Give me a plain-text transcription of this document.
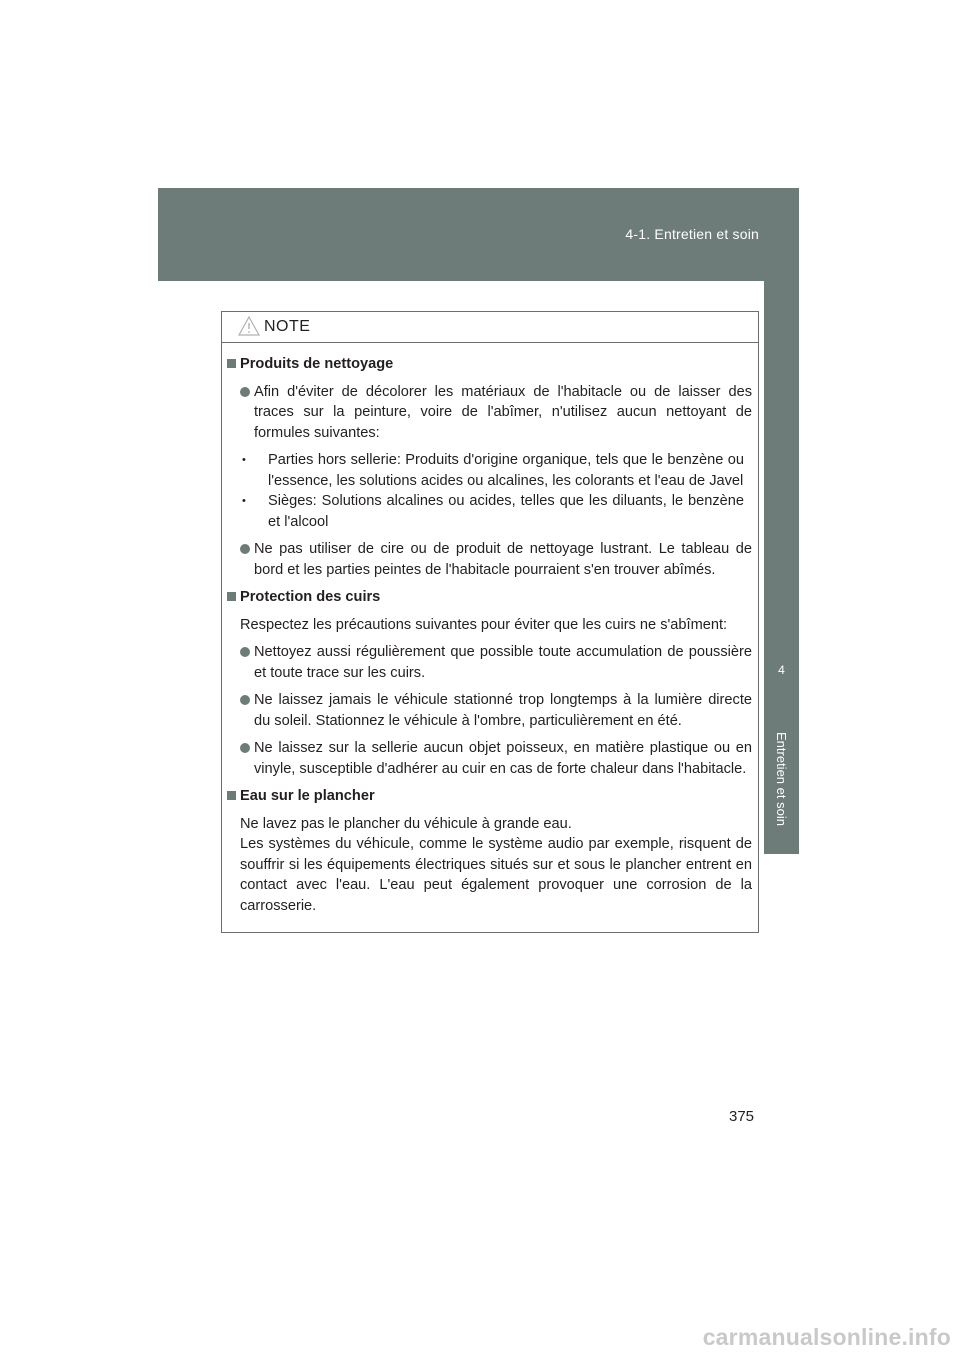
4-1. Entretien et soin
4
Entretien et soin
NOTE
Produits de nettoyage
Afin d'éviter de décolorer les matériaux de l'habitacle ou de laisser des traces sur la peinture, voire de l'abîmer, n'utilisez aucun nettoyant de formules suivantes:
• Parties hors sellerie: Produits d'origine organique, tels que le benzène ou l'essence, les solutions acides ou alcalines, les colorants et l'eau de Javel
• Sièges: Solutions alcalines ou acides, telles que les diluants, le benzène et l'alcool
Ne pas utiliser de cire ou de produit de nettoyage lustrant. Le tableau de bord et les parties peintes de l'habitacle pourraient s'en trouver abîmés.
Protection des cuirs
Respectez les précautions suivantes pour éviter que les cuirs ne s'abîment:
Nettoyez aussi régulièrement que possible toute accumulation de poussière et toute trace sur les cuirs.
Ne laissez jamais le véhicule stationné trop longtemps à la lumière directe du soleil. Stationnez le véhicule à l'ombre, particulièrement en été.
Ne laissez sur la sellerie aucun objet poisseux, en matière plastique ou en vinyle, susceptible d'adhérer au cuir en cas de forte chaleur dans l'habitacle.
Eau sur le plancher
Ne lavez pas le plancher du véhicule à grande eau.
Les systèmes du véhicule, comme le système audio par exemple, risquent de souffrir si les équipements électriques situés sur et sous le plancher entrent en contact avec l'eau. L'eau peut également provoquer une corrosion de la carrosserie.
375
carmanualsonline.info
